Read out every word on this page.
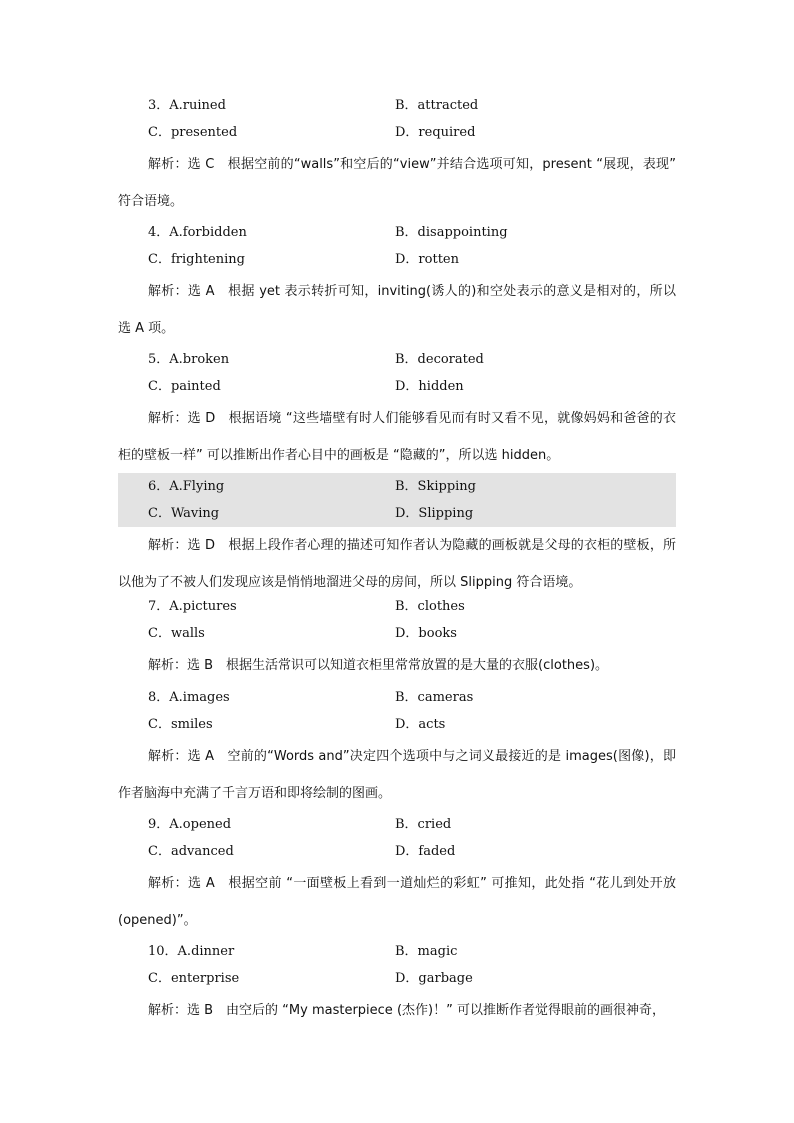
3．A.ruined	B．attracted
C．presented	D．required

解析：选 C　根据空前的“walls”和空后的“view”并结合选项可知，present “展现，表现” 符合语境。

4．A.forbidden	B．disappointing
C．frightening	D．rotten

解析：选 A　根据 yet 表示转折可知，inviting(诱人的)和空处表示的意义是相对的，所以选 A 项。

5．A.broken	B．decorated
C．painted	D．hidden

解析：选 D　根据语境 “这些墙壁有时人们能够看见而有时又看不见，就像妈妈和爸爸的衣柜的壁板一样” 可以推断出作者心目中的画板是 “隐藏的”，所以选 hidden。

6．A.Flying	B．Skipping
C．Waving	D．Slipping

解析：选 D　根据上段作者心理的描述可知作者认为隐藏的画板就是父母的衣柜的壁板，所以他为了不被人们发现应该是悄悄地溜进父母的房间，所以 Slipping 符合语境。

7．A.pictures	B．clothes
C．walls	D．books

解析：选 B　根据生活常识可以知道衣柜里常常放置的是大量的衣服(clothes)。

8．A.images	B．cameras
C．smiles	D．acts

解析：选 A　空前的“Words and”决定四个选项中与之词义最接近的是 images(图像)，即作者脑海中充满了千言万语和即将绘制的图画。

9．A.opened	B．cried
C．advanced	D．faded

解析：选 A　根据空前 “一面壁板上看到一道灿烂的彩虹” 可推知，此处指 “花儿到处开放(opened)”。

10．A.dinner	B．magic
C．enterprise	D．garbage

解析：选 B　由空后的 “My masterpiece (杰作)！” 可以推断作者觉得眼前的画很神奇，
